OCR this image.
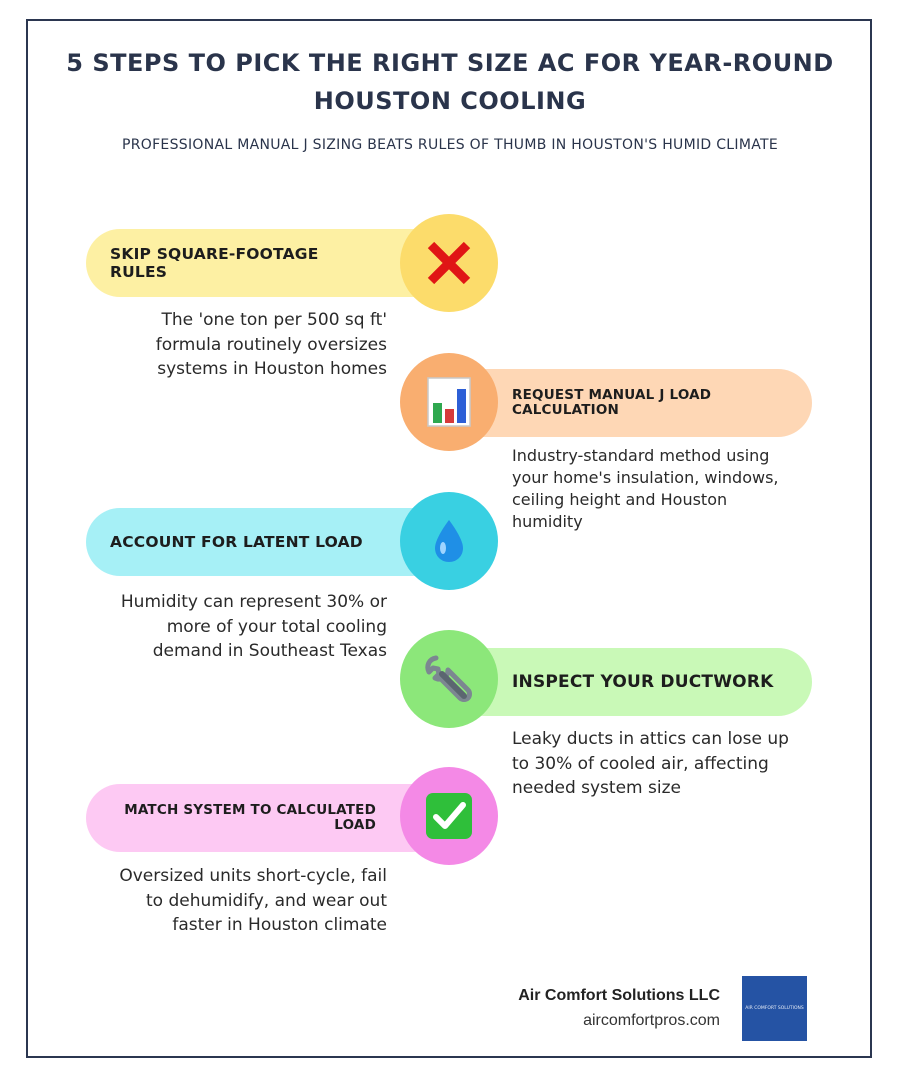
5 STEPS TO PICK THE RIGHT SIZE AC FOR YEAR-ROUND HOUSTON COOLING
PROFESSIONAL MANUAL J SIZING BEATS RULES OF THUMB IN HOUSTON'S HUMID CLIMATE
SKIP SQUARE-FOOTAGE RULES
The 'one ton per 500 sq ft' formula routinely oversizes systems in Houston homes
REQUEST MANUAL J LOAD CALCULATION
Industry-standard method using your home's insulation, windows, ceiling height and Houston humidity
ACCOUNT FOR LATENT LOAD
Humidity can represent 30% or more of your total cooling demand in Southeast Texas
INSPECT YOUR DUCTWORK
Leaky ducts in attics can lose up to 30% of cooled air, affecting needed system size
MATCH SYSTEM TO CALCULATED LOAD
Oversized units short-cycle, fail to dehumidify, and wear out faster in Houston climate
Air Comfort Solutions LLC
aircomfortpros.com
AIR COMFORT SOLUTIONS
